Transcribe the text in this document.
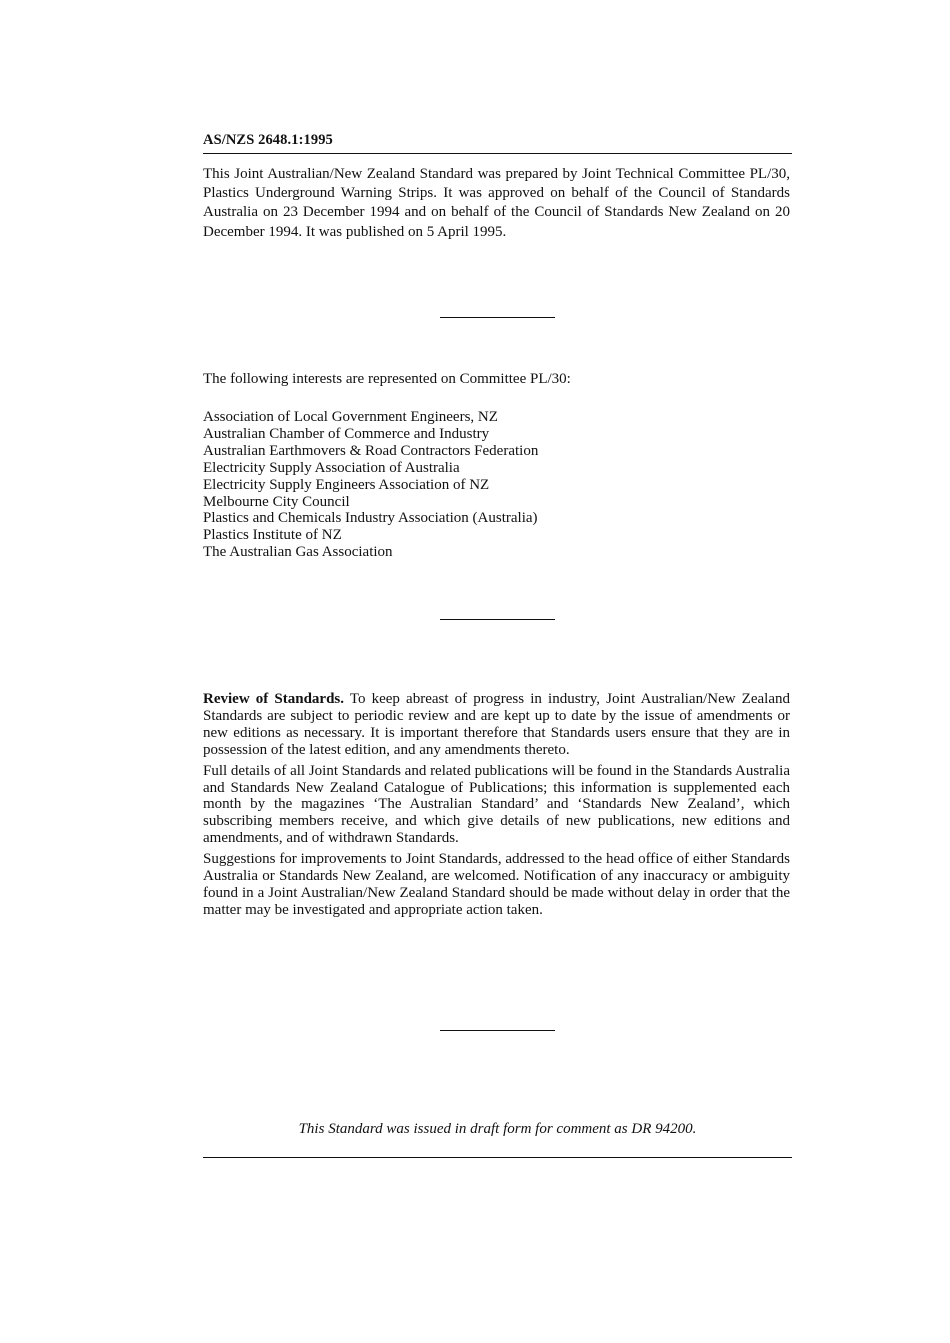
AS/NZS 2648.1:1995

This Joint Australian/New Zealand Standard was prepared by Joint Technical Committee PL/30, Plastics Underground Warning Strips. It was approved on behalf of the Council of Standards Australia on 23 December 1994 and on behalf of the Council of Standards New Zealand on 20 December 1994. It was published on 5 April 1995.

The following interests are represented on Committee PL/30:

Association of Local Government Engineers, NZ
Australian Chamber of Commerce and Industry
Australian Earthmovers & Road Contractors Federation
Electricity Supply Association of Australia
Electricity Supply Engineers Association of NZ
Melbourne City Council
Plastics and Chemicals Industry Association (Australia)
Plastics Institute of NZ
The Australian Gas Association

Review of Standards. To keep abreast of progress in industry, Joint Australian/New Zealand Standards are subject to periodic review and are kept up to date by the issue of amendments or new editions as necessary. It is important therefore that Standards users ensure that they are in possession of the latest edition, and any amendments thereto.

Full details of all Joint Standards and related publications will be found in the Standards Australia and Standards New Zealand Catalogue of Publications; this information is supplemented each month by the magazines ‘The Australian Standard’ and ‘Standards New Zealand’, which subscribing members receive, and which give details of new publications, new editions and amendments, and of withdrawn Standards.

Suggestions for improvements to Joint Standards, addressed to the head office of either Standards Australia or Standards New Zealand, are welcomed. Notification of any inaccuracy or ambiguity found in a Joint Australian/New Zealand Standard should be made without delay in order that the matter may be investigated and appropriate action taken.

This Standard was issued in draft form for comment as DR 94200.
